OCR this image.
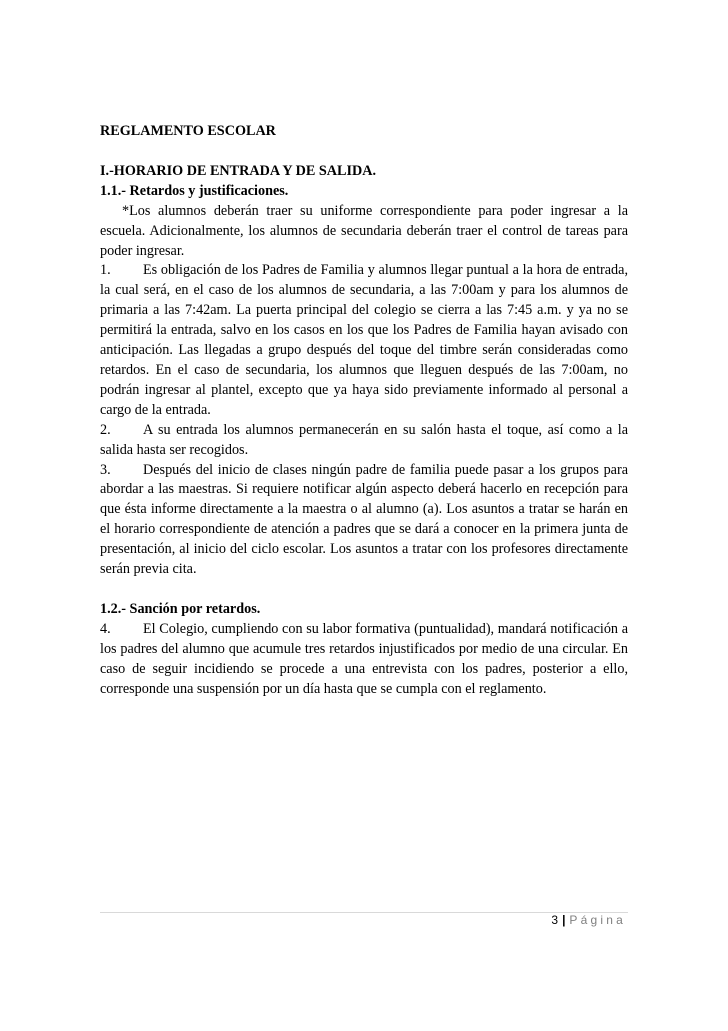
REGLAMENTO ESCOLAR

I.-HORARIO DE ENTRADA Y DE SALIDA.

1.1.- Retardos y justificaciones.

*Los alumnos deberán traer su uniforme correspondiente para poder ingresar a la escuela. Adicionalmente, los alumnos de secundaria deberán traer el control de tareas para poder ingresar.

1. Es obligación de los Padres de Familia y alumnos llegar puntual a la hora de entrada, la cual será, en el caso de los alumnos de secundaria, a las 7:00am y para los alumnos de primaria a las 7:42am. La puerta principal del colegio se cierra a las 7:45 a.m. y ya no se permitirá la entrada, salvo en los casos en los que los Padres de Familia hayan avisado con anticipación. Las llegadas a grupo después del toque del timbre serán consideradas como retardos. En el caso de secundaria, los alumnos que lleguen después de las 7:00am, no podrán ingresar al plantel, excepto que ya haya sido previamente informado al personal a cargo de la entrada.

2. A su entrada los alumnos permanecerán en su salón hasta el toque, así como a la salida hasta ser recogidos.

3. Después del inicio de clases ningún padre de familia puede pasar a los grupos para abordar a las maestras. Si requiere notificar algún aspecto deberá hacerlo en recepción para que ésta informe directamente a la maestra o al alumno (a). Los asuntos a tratar se harán en el horario correspondiente de atención a padres que se dará a conocer en la primera junta de presentación, al inicio del ciclo escolar. Los asuntos a tratar con los profesores directamente serán previa cita.

1.2.- Sanción por retardos.

4. El Colegio, cumpliendo con su labor formativa (puntualidad), mandará notificación a los padres del alumno que acumule tres retardos injustificados por medio de una circular. En caso de seguir incidiendo se procede a una entrevista con los padres, posterior a ello, corresponde una suspensión por un día hasta que se cumpla con el reglamento.

3 | Página
